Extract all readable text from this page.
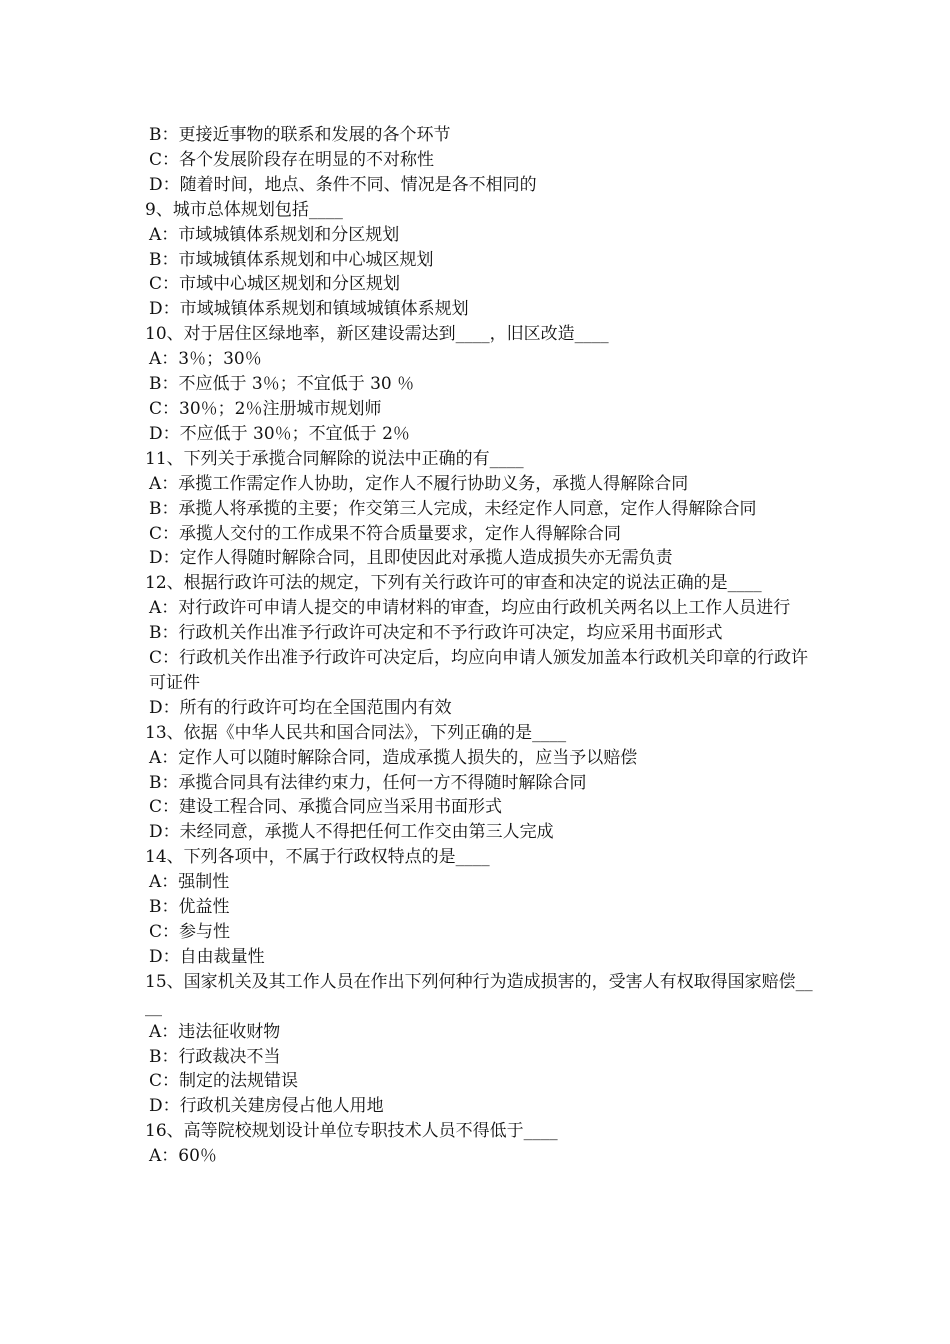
B：更接近事物的联系和发展的各个环节

C：各个发展阶段存在明显的不对称性

D：随着时间，地点、条件不同、情况是各不相同的

9、城市总体规划包括____

A：市域城镇体系规划和分区规划

B：市域城镇体系规划和中心城区规划

C：市域中心城区规划和分区规划

D：市域城镇体系规划和镇域城镇体系规划

10、对于居住区绿地率，新区建设需达到____，旧区改造____

A：3％；30％

B：不应低于 3％；不宜低于 30 ％

C：30％；2％注册城市规划师

D：不应低于 30％；不宜低于 2％

11、下列关于承揽合同解除的说法中正确的有____

A：承揽工作需定作人协助，定作人不履行协助义务，承揽人得解除合同

B：承揽人将承揽的主要；作交第三人完成，未经定作人同意，定作人得解除合同

C：承揽人交付的工作成果不符合质量要求，定作人得解除合同

D：定作人得随时解除合同，且即使因此对承揽人造成损失亦无需负责

12、根据行政许可法的规定，下列有关行政许可的审查和决定的说法正确的是____

A：对行政许可申请人提交的申请材料的审查，均应由行政机关两名以上工作人员进行

B：行政机关作出准予行政许可决定和不予行政许可决定，均应采用书面形式

C：行政机关作出准予行政许可决定后，均应向申请人颁发加盖本行政机关印章的行政许可证件

D：所有的行政许可均在全国范围内有效

13、依据《中华人民共和国合同法》，下列正确的是____

A：定作人可以随时解除合同，造成承揽人损失的，应当予以赔偿

B：承揽合同具有法律约束力，任何一方不得随时解除合同

C：建设工程合同、承揽合同应当采用书面形式

D：未经同意，承揽人不得把任何工作交由第三人完成

14、下列各项中，不属于行政权特点的是____

A：强制性

B：优益性

C：参与性

D：自由裁量性

15、国家机关及其工作人员在作出下列何种行为造成损害的，受害人有权取得国家赔偿____

A：违法征收财物

B：行政裁决不当

C：制定的法规错误

D：行政机关建房侵占他人用地

16、高等院校规划设计单位专职技术人员不得低于____

A：60％
